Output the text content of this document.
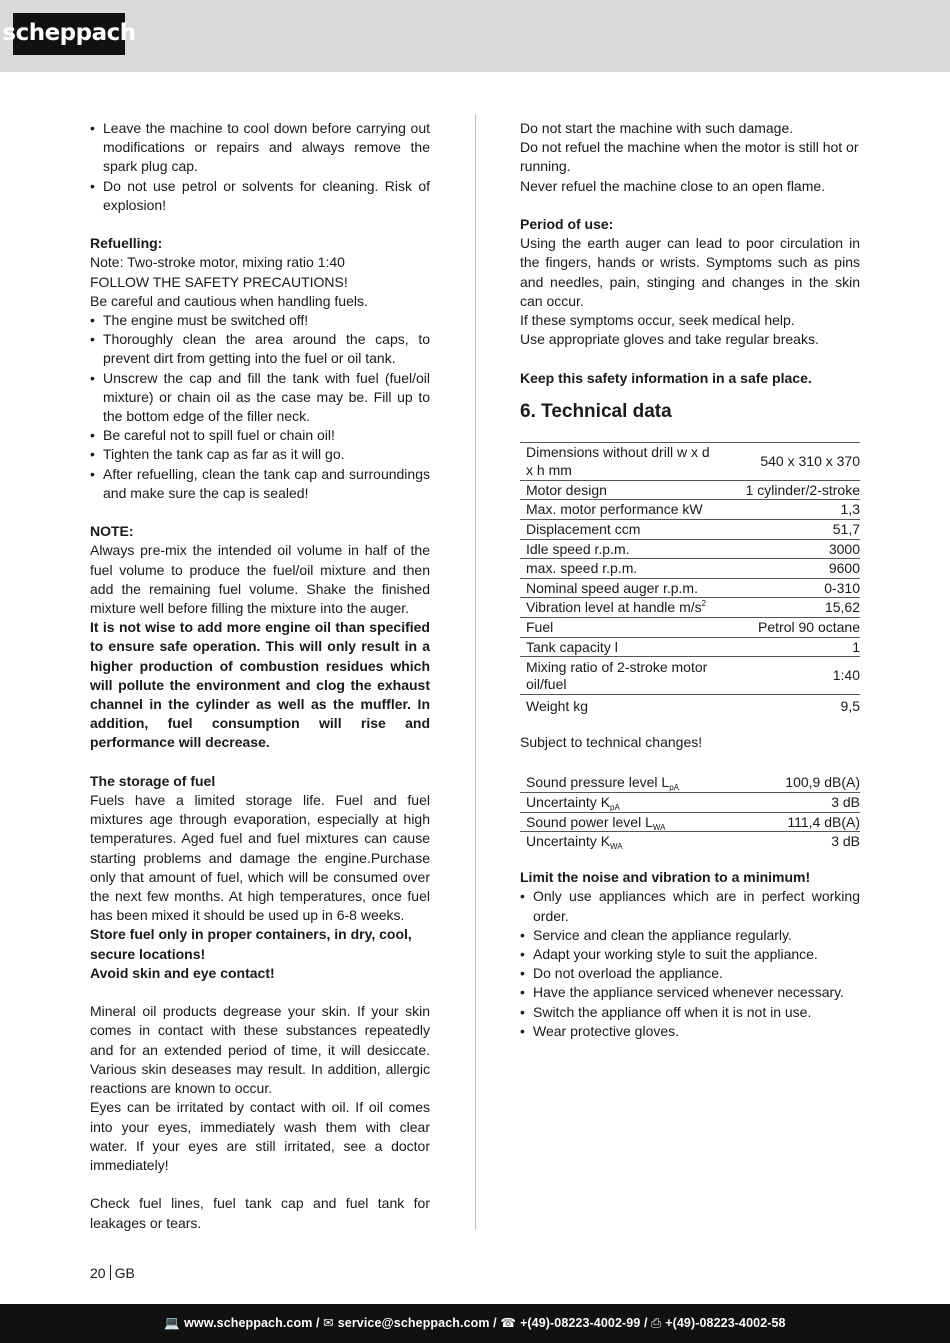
scheppach
• Leave the machine to cool down before carrying out modifications or repairs and always remove the spark plug cap.
• Do not use petrol or solvents for cleaning. Risk of explosion!

Refuelling:

Note: Two-stroke motor, mixing ratio 1:40

FOLLOW THE SAFETY PRECAUTIONS!

Be careful and cautious when handling fuels.

• The engine must be switched off!
• Thoroughly clean the area around the caps, to prevent dirt from getting into the fuel or oil tank.
• Unscrew the cap and fill the tank with fuel (fuel/oil mixture) or chain oil as the case may be. Fill up to the bottom edge of the filler neck.
• Be careful not to spill fuel or chain oil!
• Tighten the tank cap as far as it will go.
• After refuelling, clean the tank cap and surroundings and make sure the cap is sealed!

NOTE:

Always pre-mix the intended oil volume in half of the fuel volume to produce the fuel/oil mixture and then add the remaining fuel volume. Shake the finished mixture well before filling the mixture into the auger.

It is not wise to add more engine oil than specified to ensure safe operation. This will only result in a higher production of combustion residues which will pollute the environment and clog the exhaust channel in the cylinder as well as the muffler. In addition, fuel consumption will rise and performance will decrease.

The storage of fuel

Fuels have a limited storage life. Fuel and fuel mixtures age through evaporation, especially at high temperatures. Aged fuel and fuel mixtures can cause starting problems and damage the engine.Purchase only that amount of fuel, which will be consumed over the next few months. At high temperatures, once fuel has been mixed it should be used up in 6-8 weeks.

Store fuel only in proper containers, in dry, cool, secure locations!

Avoid skin and eye contact!

Mineral oil products degrease your skin. If your skin comes in contact with these substances repeatedly and for an extended period of time, it will desiccate. Various skin deseases may result. In addition, allergic reactions are known to occur.

Eyes can be irritated by contact with oil. If oil comes into your eyes, immediately wash them with clear water. If your eyes are still irritated, see a doctor immediately!

Check fuel lines, fuel tank cap and fuel tank for leakages or tears.

Do not start the machine with such damage.

Do not refuel the machine when the motor is still hot or running.

Never refuel the machine close to an open flame.

Period of use:

Using the earth auger can lead to poor circulation in the fingers, hands or wrists. Symptoms such as pins and needles, pain, stinging and changes in the skin can occur.

If these symptoms occur, seek medical help.

Use appropriate gloves and take regular breaks.

Keep this safety information in a safe place.

6. Technical data
Dimensions without drill w x d x h mm	540 x 310 x 370
Motor design	1 cylinder/2-stroke
Max. motor performance kW	1,3
Displacement ccm	51,7
Idle speed r.p.m.	3000
max. speed r.p.m.	9600
Nominal speed auger r.p.m.	0-310
Vibration level at handle $m/s^2$	15,62
Fuel	Petrol 90 octane
Tank capacity l	1
Mixing ratio of 2-stroke motor oil/fuel	1:40
Weight kg	9,5

Subject to technical changes!

Sound pressure level $L_{pA}$	100,9 dB(A)
Uncertainty $K_{pA}$	3 dB
Sound power level $L_{WA}$	111,4 dB(A)
Uncertainty $K_{WA}$	3 dB

Limit the noise and vibration to a minimum!

• Only use appliances which are in perfect working order.
• Service and clean the appliance regularly.
• Adapt your working style to suit the appliance.
• Do not overload the appliance.
• Have the appliance serviced whenever necessary.
• Switch the appliance off when it is not in use.
• Wear protective gloves.
20 GB
💻 www.scheppach.com /
✉ service@scheppach.com /
☎ +(49)-08223-4002-99 /
⎙ +(49)-08223-4002-58
